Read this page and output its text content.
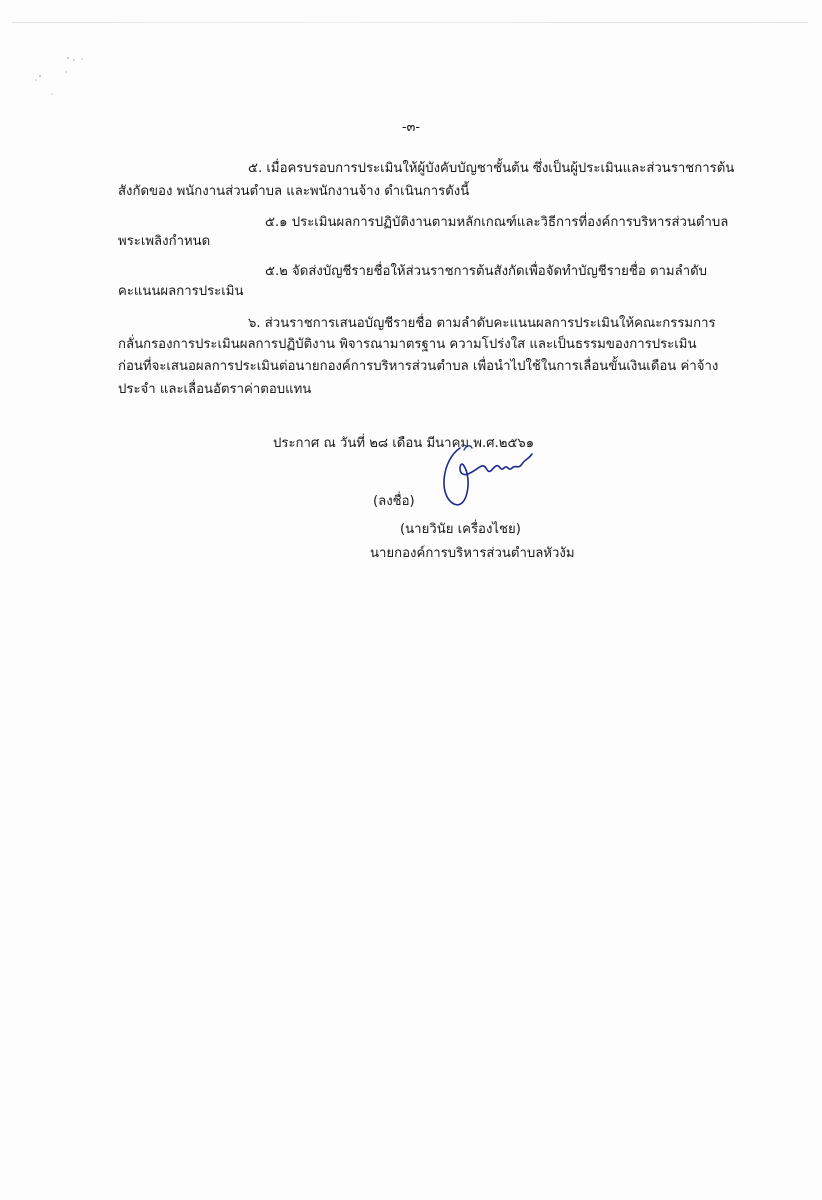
-๓-
๕. เมื่อครบรอบการประเมินให้ผู้บังคับบัญชาชั้นต้น ซึ่งเป็นผู้ประเมินและส่วนราชการต้น
สังกัดของ พนักงานส่วนตำบล และพนักงานจ้าง ดำเนินการดังนี้
๕.๑ ประเมินผลการปฏิบัติงานตามหลักเกณฑ์และวิธีการที่องค์การบริหารส่วนตำบล
พระเพลิงกำหนด
๕.๒ จัดส่งบัญชีรายชื่อให้ส่วนราชการต้นสังกัดเพื่อจัดทำบัญชีรายชื่อ ตามลำดับ
คะแนนผลการประเมิน
๖. ส่วนราชการเสนอบัญชีรายชื่อ ตามลำดับคะแนนผลการประเมินให้คณะกรรมการ
กลั่นกรองการประเมินผลการปฏิบัติงาน พิจารณามาตรฐาน ความโปร่งใส และเป็นธรรมของการประเมิน
ก่อนที่จะเสนอผลการประเมินต่อนายกองค์การบริหารส่วนตำบล เพื่อนำไปใช้ในการเลื่อนขั้นเงินเดือน ค่าจ้าง
ประจำ และเลื่อนอัตราค่าตอบแทน
ประกาศ ณ วันที่ ๒๘ เดือน มีนาคม พ.ศ.๒๕๖๑
(ลงชื่อ)
(นายวินัย เครื่องไชย)
นายกองค์การบริหารส่วนตำบลหัวงัม
